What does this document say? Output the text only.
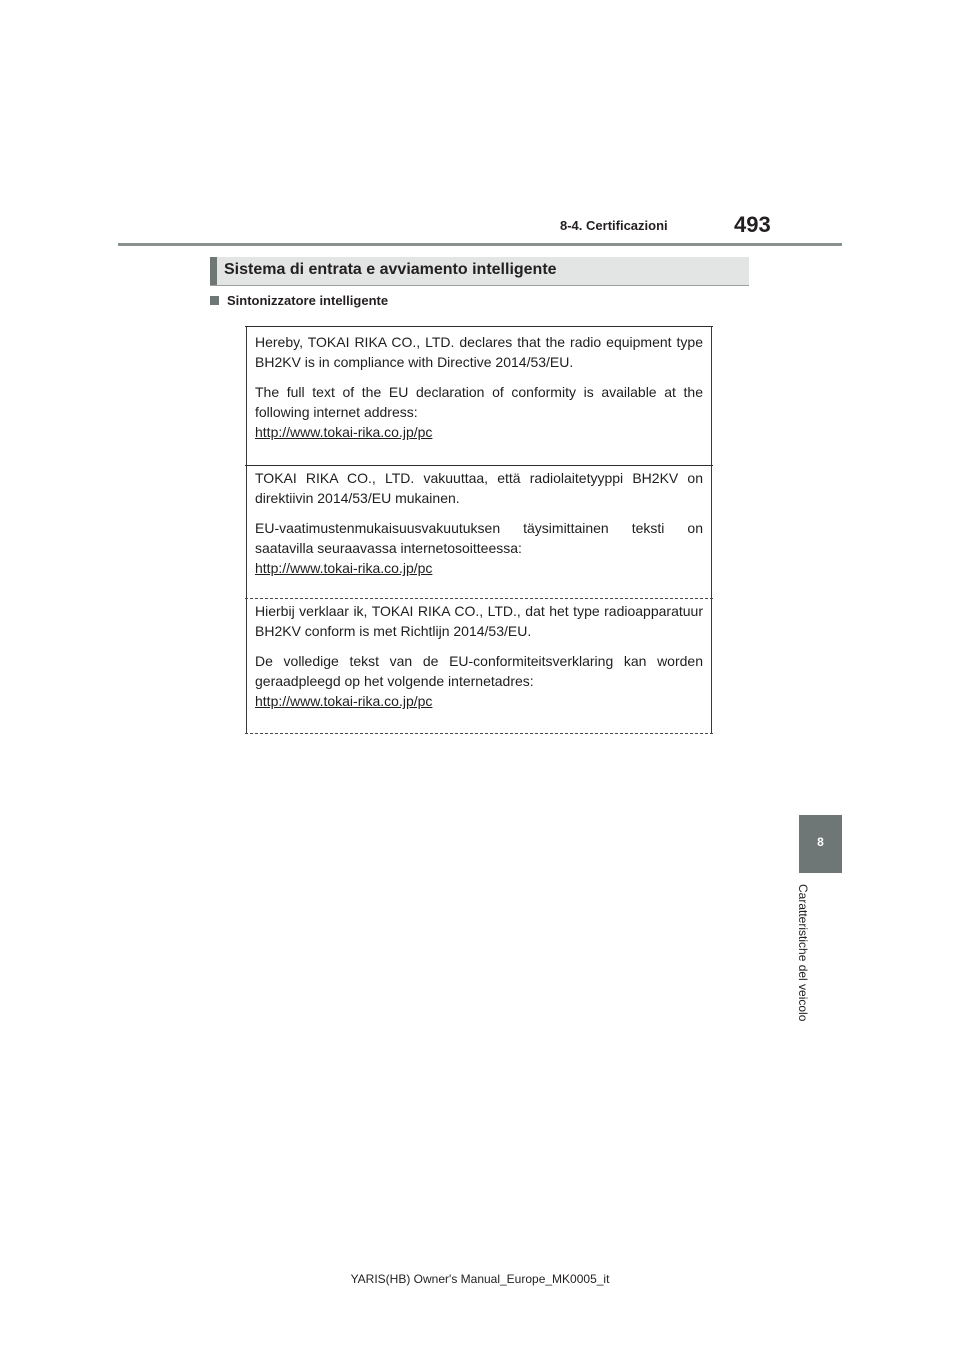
8-4. Certificazioni	493
Sistema di entrata e avviamento intelligente
Sintonizzatore intelligente

Hereby, TOKAI RIKA CO., LTD. declares that the radio equipment type BH2KV is in compliance with Directive 2014/53/EU.

The full text of the EU declaration of conformity is available at the following internet address:

http://www.tokai-rika.co.jp/pc

TOKAI RIKA CO., LTD. vakuuttaa, että radiolaitetyyppi BH2KV on direktiivin 2014/53/EU mukainen.

EU-vaatimustenmukaisuusvakuutuksen täysimittainen teksti on saatavilla seuraavassa internetosoitteessa:

http://www.tokai-rika.co.jp/pc

Hierbij verklaar ik, TOKAI RIKA CO., LTD., dat het type radioapparatuur BH2KV conform is met Richtlijn 2014/53/EU.

De volledige tekst van de EU-conformiteitsverklaring kan worden geraadpleegd op het volgende internetadres:

http://www.tokai-rika.co.jp/pc

8
Caratteristiche del veicolo
YARIS(HB) Owner's Manual_Europe_MK0005_it
